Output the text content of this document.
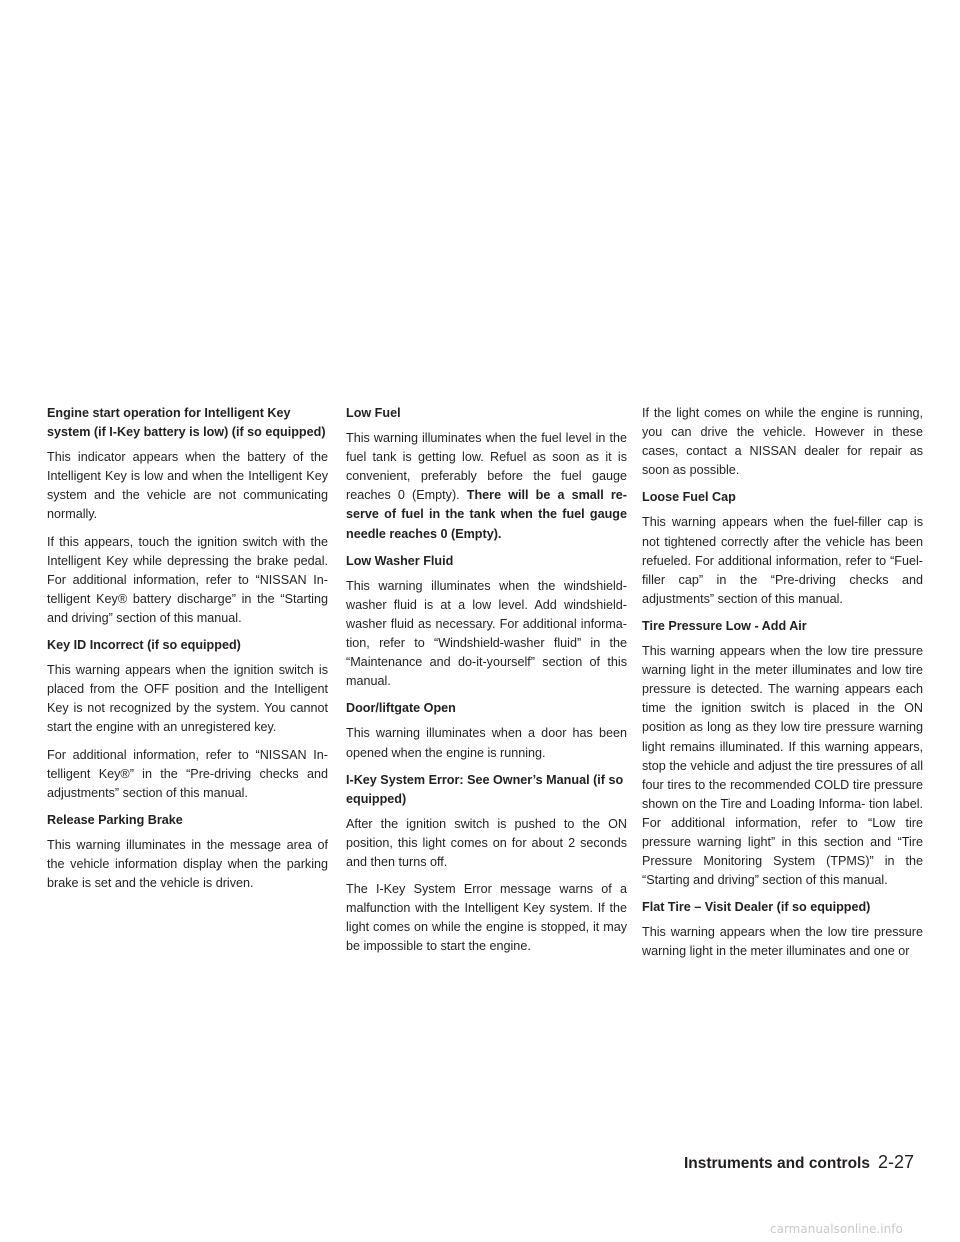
Engine start operation for Intelligent Key system (if I-Key battery is low) (if so equipped)

This indicator appears when the battery of the Intelligent Key is low and when the Intelligent Key system and the vehicle are not communicating normally.

If this appears, touch the ignition switch with the Intelligent Key while depressing the brake pedal. For additional information, refer to “NISSAN In- telligent Key® battery discharge” in the “Starting and driving” section of this manual.

Key ID Incorrect (if so equipped)

This warning appears when the ignition switch is placed from the OFF position and the Intelligent Key is not recognized by the system. You cannot start the engine with an unregistered key.

For additional information, refer to “NISSAN In- telligent Key®” in the “Pre-driving checks and adjustments” section of this manual.

Release Parking Brake

This warning illuminates in the message area of the vehicle information display when the parking brake is set and the vehicle is driven.

Low Fuel

This warning illuminates when the fuel level in the fuel tank is getting low. Refuel as soon as it is convenient, preferably before the fuel gauge reaches 0 (Empty). There will be a small re- serve of fuel in the tank when the fuel gauge needle reaches 0 (Empty).

Low Washer Fluid

This warning illuminates when the windshield- washer fluid is at a low level. Add windshield- washer fluid as necessary. For additional informa- tion, refer to “Windshield-washer fluid” in the “Maintenance and do-it-yourself” section of this manual.

Door/liftgate Open

This warning illuminates when a door has been opened when the engine is running.

I-Key System Error: See Owner’s Manual (if so equipped)

After the ignition switch is pushed to the ON position, this light comes on for about 2 seconds and then turns off.

The I-Key System Error message warns of a malfunction with the Intelligent Key system. If the light comes on while the engine is stopped, it may be impossible to start the engine.

If the light comes on while the engine is running, you can drive the vehicle. However in these cases, contact a NISSAN dealer for repair as soon as possible.

Loose Fuel Cap

This warning appears when the fuel-filler cap is not tightened correctly after the vehicle has been refueled. For additional information, refer to “Fuel-filler cap” in the “Pre-driving checks and adjustments” section of this manual.

Tire Pressure Low - Add Air

This warning appears when the low tire pressure warning light in the meter illuminates and low tire pressure is detected. The warning appears each time the ignition switch is placed in the ON position as long as they low tire pressure warning light remains illuminated. If this warning appears, stop the vehicle and adjust the tire pressures of all four tires to the recommended COLD tire pressure shown on the Tire and Loading Informa- tion label. For additional information, refer to “Low tire pressure warning light” in this section and “Tire Pressure Monitoring System (TPMS)” in the “Starting and driving” section of this manual.

Flat Tire – Visit Dealer (if so equipped)

This warning appears when the low tire pressure warning light in the meter illuminates and one or

Instruments and controls 2-27
carmanualsonline.info
